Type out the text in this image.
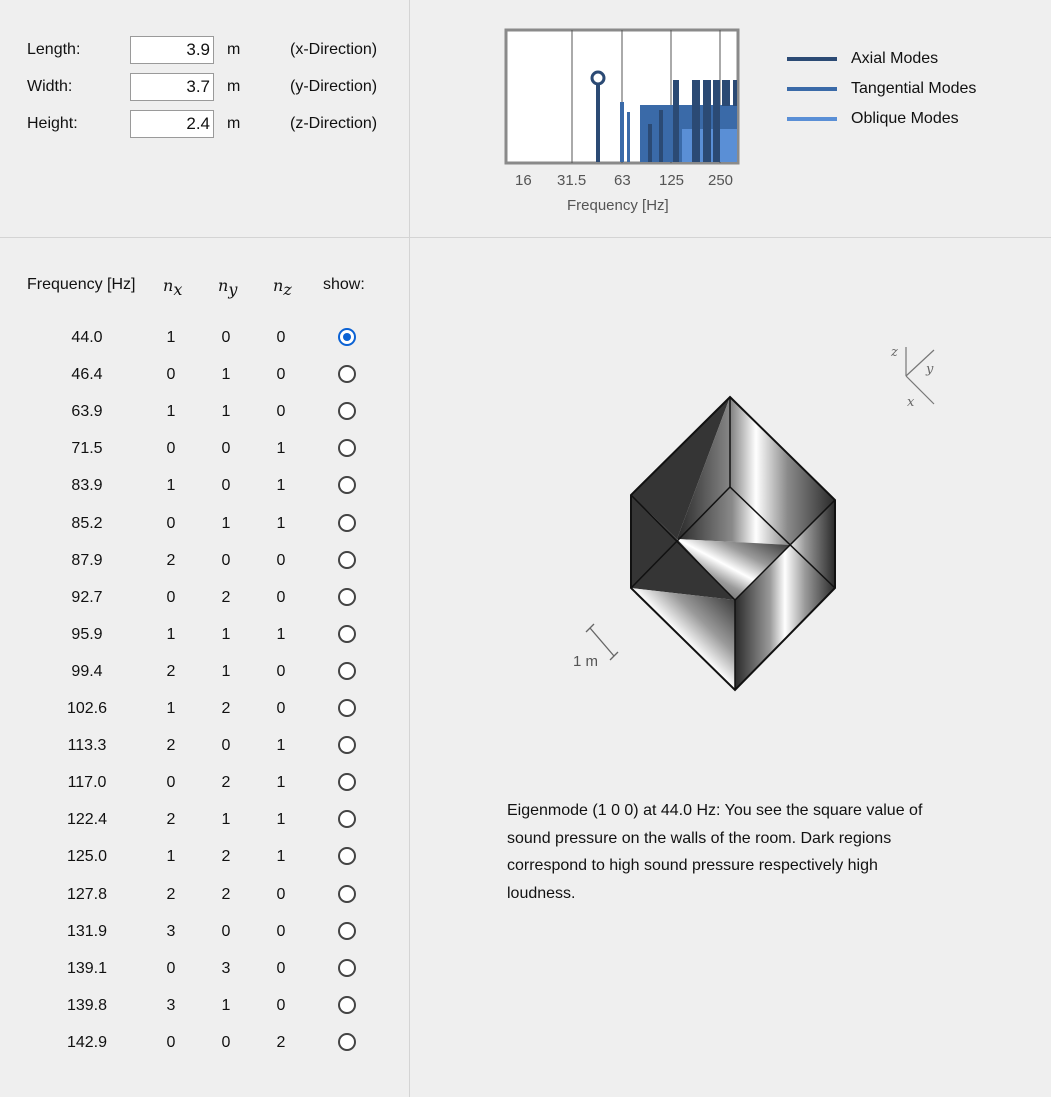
Length:
3.9	m	(x-Direction)
Width:
3.7	m	(y-Direction)
Height:
2.4	m	(z-Direction)
16 31.5 63 125 250
Frequency [Hz]
Axial Modes
Tangential Modes
Oblique Modes
Frequency [Hz] $n_x$ $n_y$ $n_z$ show:
44.0	1	0	0
46.4	0	1	0
63.9	1	1	0
71.5	0	0	1
83.9	1	0	1
85.2	0	1	1
87.9	2	0	0
92.7	0	2	0
95.9	1	1	1
99.4	2	1	0
102.6	1	2	0
113.3	2	0	1
117.0	0	2	1
122.4	2	1	1
125.0	1	2	1
127.8	2	2	0
131.9	3	0	0
139.1	0	3	0
139.8	3	1	0
142.9	0	0	2
1 m
z
y
x
Eigenmode (1 0 0) at 44.0 Hz: You see the square value of sound pressure on the walls of the room. Dark regions correspond to high sound pressure respectively high loudness.
